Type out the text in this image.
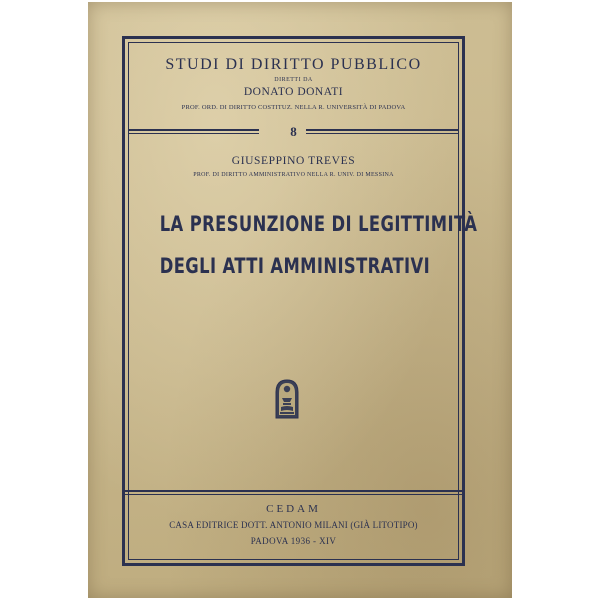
STUDI DI DIRITTO PUBBLICO
DIRETTI DA
DONATO DONATI
PROF. ORD. DI DIRITTO COSTITUZ. NELLA R. UNIVERSITÀ DI PADOVA
8
GIUSEPPINO TREVES
PROF. DI DIRITTO AMMINISTRATIVO NELLA R. UNIV. DI MESSINA
LA PRESUNZIONE DI LEGITTIMITÀ
DEGLI ATTI AMMINISTRATIVI
CEDAM
CASA EDITRICE DOTT. ANTONIO MILANI (GIÀ LITOTIPO)
PADOVA 1936 - XIV
